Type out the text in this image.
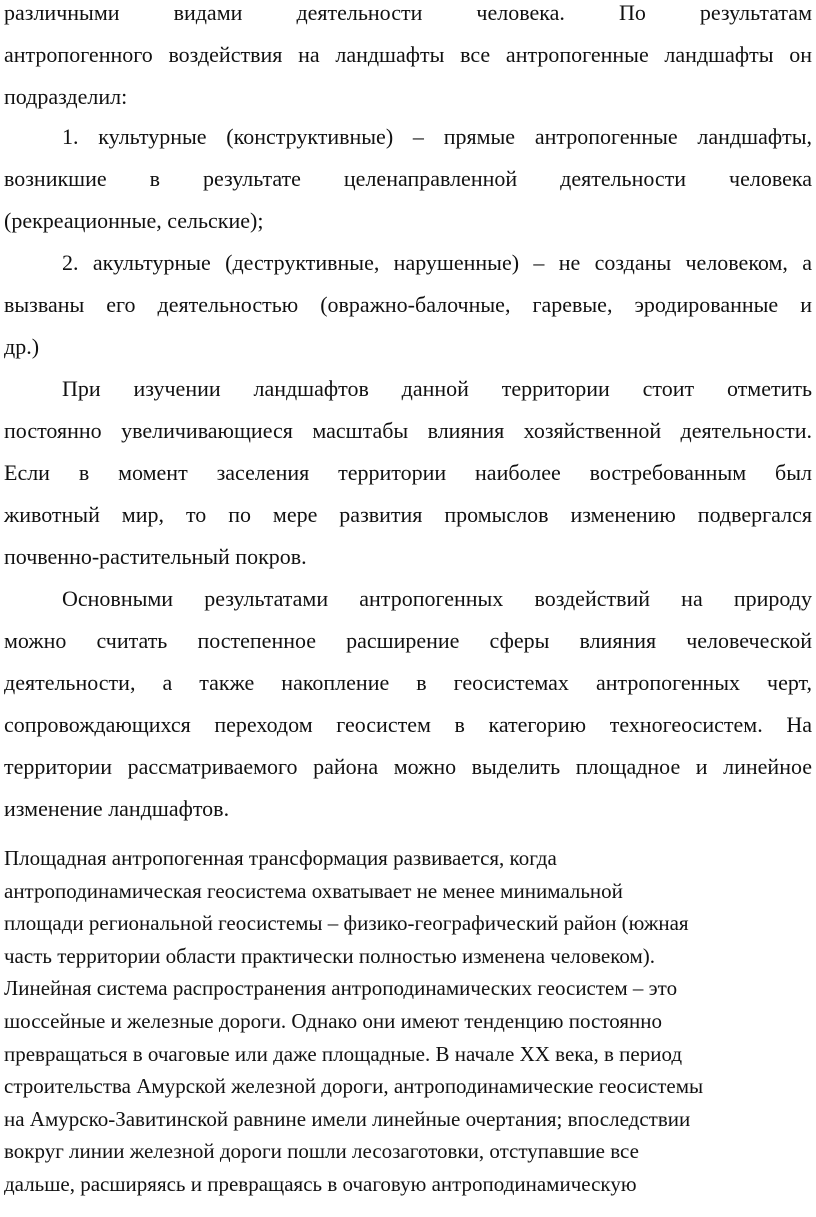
различными видами деятельности человека. По результатам
антропогенного воздействия на ландшафты все антропогенные ландшафты он
подразделил:
1. культурные (конструктивные) – прямые антропогенные ландшафты,
возникшие в результате целенаправленной деятельности человека
(рекреационные, сельские);
2. акультурные (деструктивные, нарушенные) – не созданы человеком, а
вызваны его деятельностью (овражно-балочные, гаревые, эродированные и
др.)
При изучении ландшафтов данной территории стоит отметить
постоянно увеличивающиеся масштабы влияния хозяйственной деятельности.
Если в момент заселения территории наиболее востребованным был
животный мир, то по мере развития промыслов изменению подвергался
почвенно-растительный покров.
Основными результатами антропогенных воздействий на природу
можно считать постепенное расширение сферы влияния человеческой
деятельности, а также накопление в геосистемах антропогенных черт,
сопровождающихся переходом геосистем в категорию техногеосистем. На
территории рассматриваемого района можно выделить площадное и линейное
изменение ландшафтов.
Площадная антропогенная трансформация развивается, когда
антроподинамическая геосистема охватывает не менее минимальной
площади региональной геосистемы – физико-географический район (южная
часть территории области практически полностью изменена человеком).
Линейная система распространения антроподинамических геосистем – это
шоссейные и железные дороги. Однако они имеют тенденцию постоянно
превращаться в очаговые или даже площадные. В начале XX века, в период
строительства Амурской железной дороги, антроподинамические геосистемы
на Амурско-Завитинской равнине имели линейные очертания; впоследствии
вокруг линии железной дороги пошли лесозаготовки, отступавшие все
дальше, расширяясь и превращаясь в очаговую антроподинамическую
